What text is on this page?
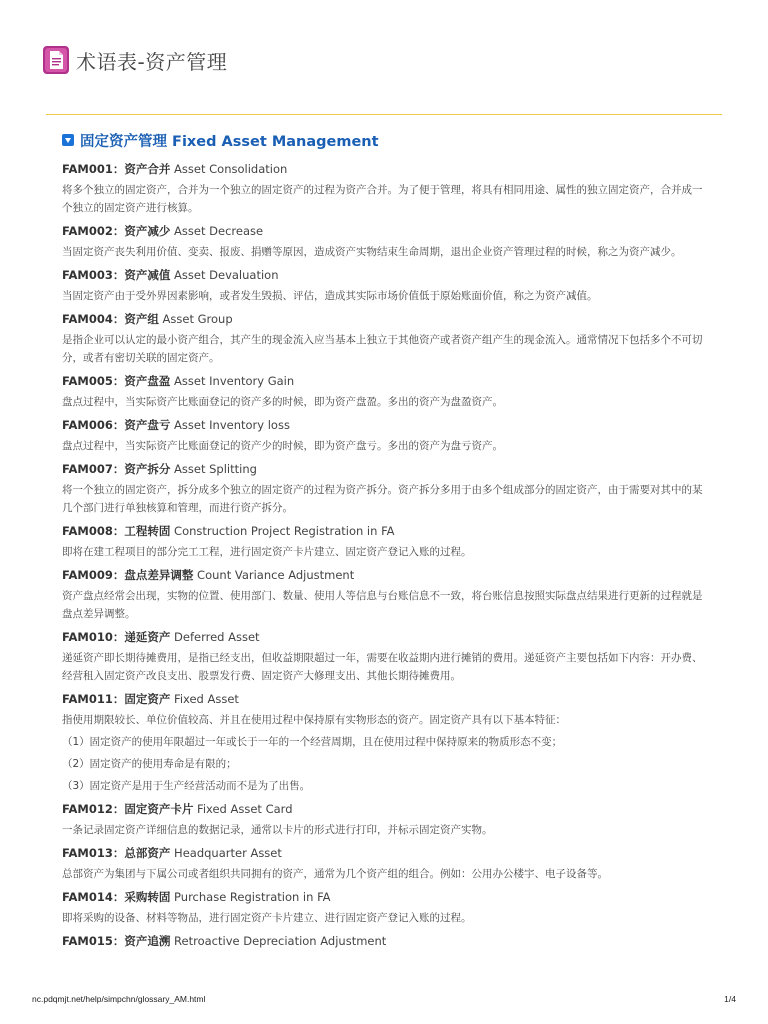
术语表-资产管理
固定资产管理 Fixed Asset Management

FAM001：资产合并 Asset Consolidation

将多个独立的固定资产，合并为一个独立的固定资产的过程为资产合并。为了便于管理，将具有相同用途、属性的独立固定资产，合并成一个独立的固定资产进行核算。

FAM002：资产减少 Asset Decrease

当固定资产丧失利用价值、变卖、报废、捐赠等原因，造成资产实物结束生命周期，退出企业资产管理过程的时候，称之为资产减少。

FAM003：资产减值 Asset Devaluation

当固定资产由于受外界因素影响，或者发生毁损、评估，造成其实际市场价值低于原始账面价值，称之为资产减值。

FAM004：资产组 Asset Group

是指企业可以认定的最小资产组合，其产生的现金流入应当基本上独立于其他资产或者资产组产生的现金流入。通常情况下包括多个不可切分，或者有密切关联的固定资产。

FAM005：资产盘盈 Asset Inventory Gain

盘点过程中，当实际资产比账面登记的资产多的时候，即为资产盘盈。多出的资产为盘盈资产。

FAM006：资产盘亏 Asset Inventory loss

盘点过程中，当实际资产比账面登记的资产少的时候，即为资产盘亏。多出的资产为盘亏资产。

FAM007：资产拆分 Asset Splitting

将一个独立的固定资产，拆分成多个独立的固定资产的过程为资产拆分。资产拆分多用于由多个组成部分的固定资产，由于需要对其中的某几个部门进行单独核算和管理，而进行资产拆分。

FAM008：工程转固 Construction Project Registration in FA

即将在建工程项目的部分完工工程，进行固定资产卡片建立、固定资产登记入账的过程。

FAM009：盘点差异调整 Count Variance Adjustment

资产盘点经常会出现，实物的位置、使用部门、数量、使用人等信息与台账信息不一致，将台账信息按照实际盘点结果进行更新的过程就是盘点差异调整。

FAM010：递延资产 Deferred Asset

递延资产即长期待摊费用，是指已经支出，但收益期限超过一年，需要在收益期内进行摊销的费用。递延资产主要包括如下内容：开办费、经营租入固定资产改良支出、股票发行费、固定资产大修理支出、其他长期待摊费用。

FAM011：固定资产 Fixed Asset

指使用期限较长、单位价值较高、并且在使用过程中保持原有实物形态的资产。固定资产具有以下基本特征：

（1）固定资产的使用年限超过一年或长于一年的一个经营周期，且在使用过程中保持原来的物质形态不变；

（2）固定资产的使用寿命是有限的；

（3）固定资产是用于生产经营活动而不是为了出售。

FAM012：固定资产卡片 Fixed Asset Card

一条记录固定资产详细信息的数据记录，通常以卡片的形式进行打印，并标示固定资产实物。

FAM013：总部资产 Headquarter Asset

总部资产为集团与下属公司或者组织共同拥有的资产，通常为几个资产组的组合。例如：公用办公楼宇、电子设备等。

FAM014：采购转固 Purchase Registration in FA

即将采购的设备、材料等物品，进行固定资产卡片建立、进行固定资产登记入账的过程。

FAM015：资产追溯 Retroactive Depreciation Adjustment

nc.pdqmjt.net/help/simpchn/glossary_AM.html	1/4
